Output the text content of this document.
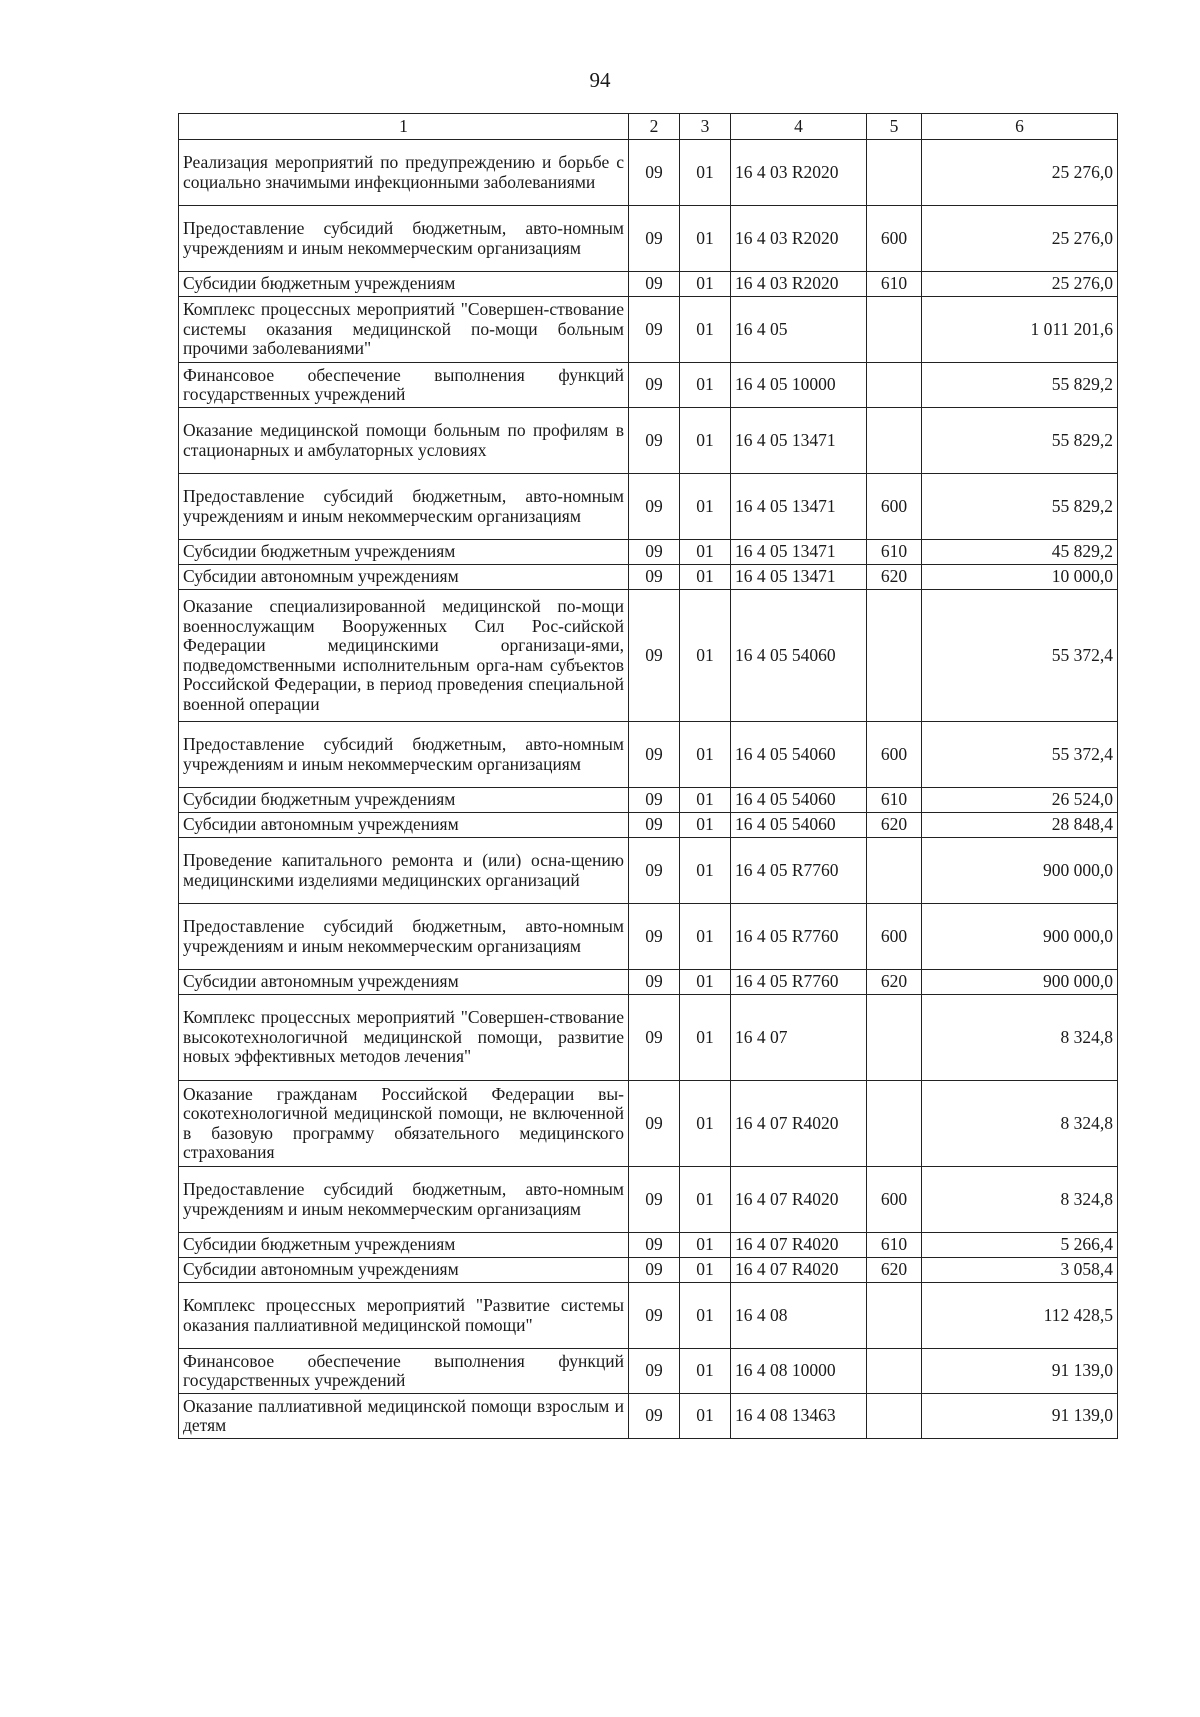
94
1	2	3	4	5	6
Реализация мероприятий по предупреждению и борьбе с социально значимыми инфекционными заболеваниями	09	01	16 4 03 R2020		25 276,0
Предоставление субсидий бюджетным, авто-номным учреждениям и иным некоммерческим организациям	09	01	16 4 03 R2020	600	25 276,0
Субсидии бюджетным учреждениям	09	01	16 4 03 R2020	610	25 276,0
Комплекс процессных мероприятий "Совершен-ствование системы оказания медицинской по-мощи больным прочими заболеваниями"	09	01	16 4 05		1 011 201,6
Финансовое обеспечение выполнения функций государственных учреждений	09	01	16 4 05 10000		55 829,2
Оказание медицинской помощи больным по профилям в стационарных и амбулаторных условиях	09	01	16 4 05 13471		55 829,2
Предоставление субсидий бюджетным, авто-номным учреждениям и иным некоммерческим организациям	09	01	16 4 05 13471	600	55 829,2
Субсидии бюджетным учреждениям	09	01	16 4 05 13471	610	45 829,2
Субсидии автономным учреждениям	09	01	16 4 05 13471	620	10 000,0
Оказание специализированной медицинской по-мощи военнослужащим Вооруженных Сил Рос-сийской Федерации медицинскими организаци-ями, подведомственными исполнительным орга-нам субъектов Российской Федерации, в период проведения специальной военной операции	09	01	16 4 05 54060		55 372,4
Предоставление субсидий бюджетным, авто-номным учреждениям и иным некоммерческим организациям	09	01	16 4 05 54060	600	55 372,4
Субсидии бюджетным учреждениям	09	01	16 4 05 54060	610	26 524,0
Субсидии автономным учреждениям	09	01	16 4 05 54060	620	28 848,4
Проведение капитального ремонта и (или) осна-щению медицинскими изделиями медицинских организаций	09	01	16 4 05 R7760		900 000,0
Предоставление субсидий бюджетным, авто-номным учреждениям и иным некоммерческим организациям	09	01	16 4 05 R7760	600	900 000,0
Субсидии автономным учреждениям	09	01	16 4 05 R7760	620	900 000,0
Комплекс процессных мероприятий "Совершен-ствование высокотехнологичной медицинской помощи, развитие новых эффективных методов лечения"	09	01	16 4 07		8 324,8
Оказание гражданам Российской Федерации вы-сокотехнологичной медицинской помощи, не включенной в базовую программу обязательного медицинского страхования	09	01	16 4 07 R4020		8 324,8
Предоставление субсидий бюджетным, авто-номным учреждениям и иным некоммерческим организациям	09	01	16 4 07 R4020	600	8 324,8
Субсидии бюджетным учреждениям	09	01	16 4 07 R4020	610	5 266,4
Субсидии автономным учреждениям	09	01	16 4 07 R4020	620	3 058,4
Комплекс процессных мероприятий "Развитие системы оказания паллиативной медицинской помощи"	09	01	16 4 08		112 428,5
Финансовое обеспечение выполнения функций государственных учреждений	09	01	16 4 08 10000		91 139,0
Оказание паллиативной медицинской помощи взрослым и детям	09	01	16 4 08 13463		91 139,0
